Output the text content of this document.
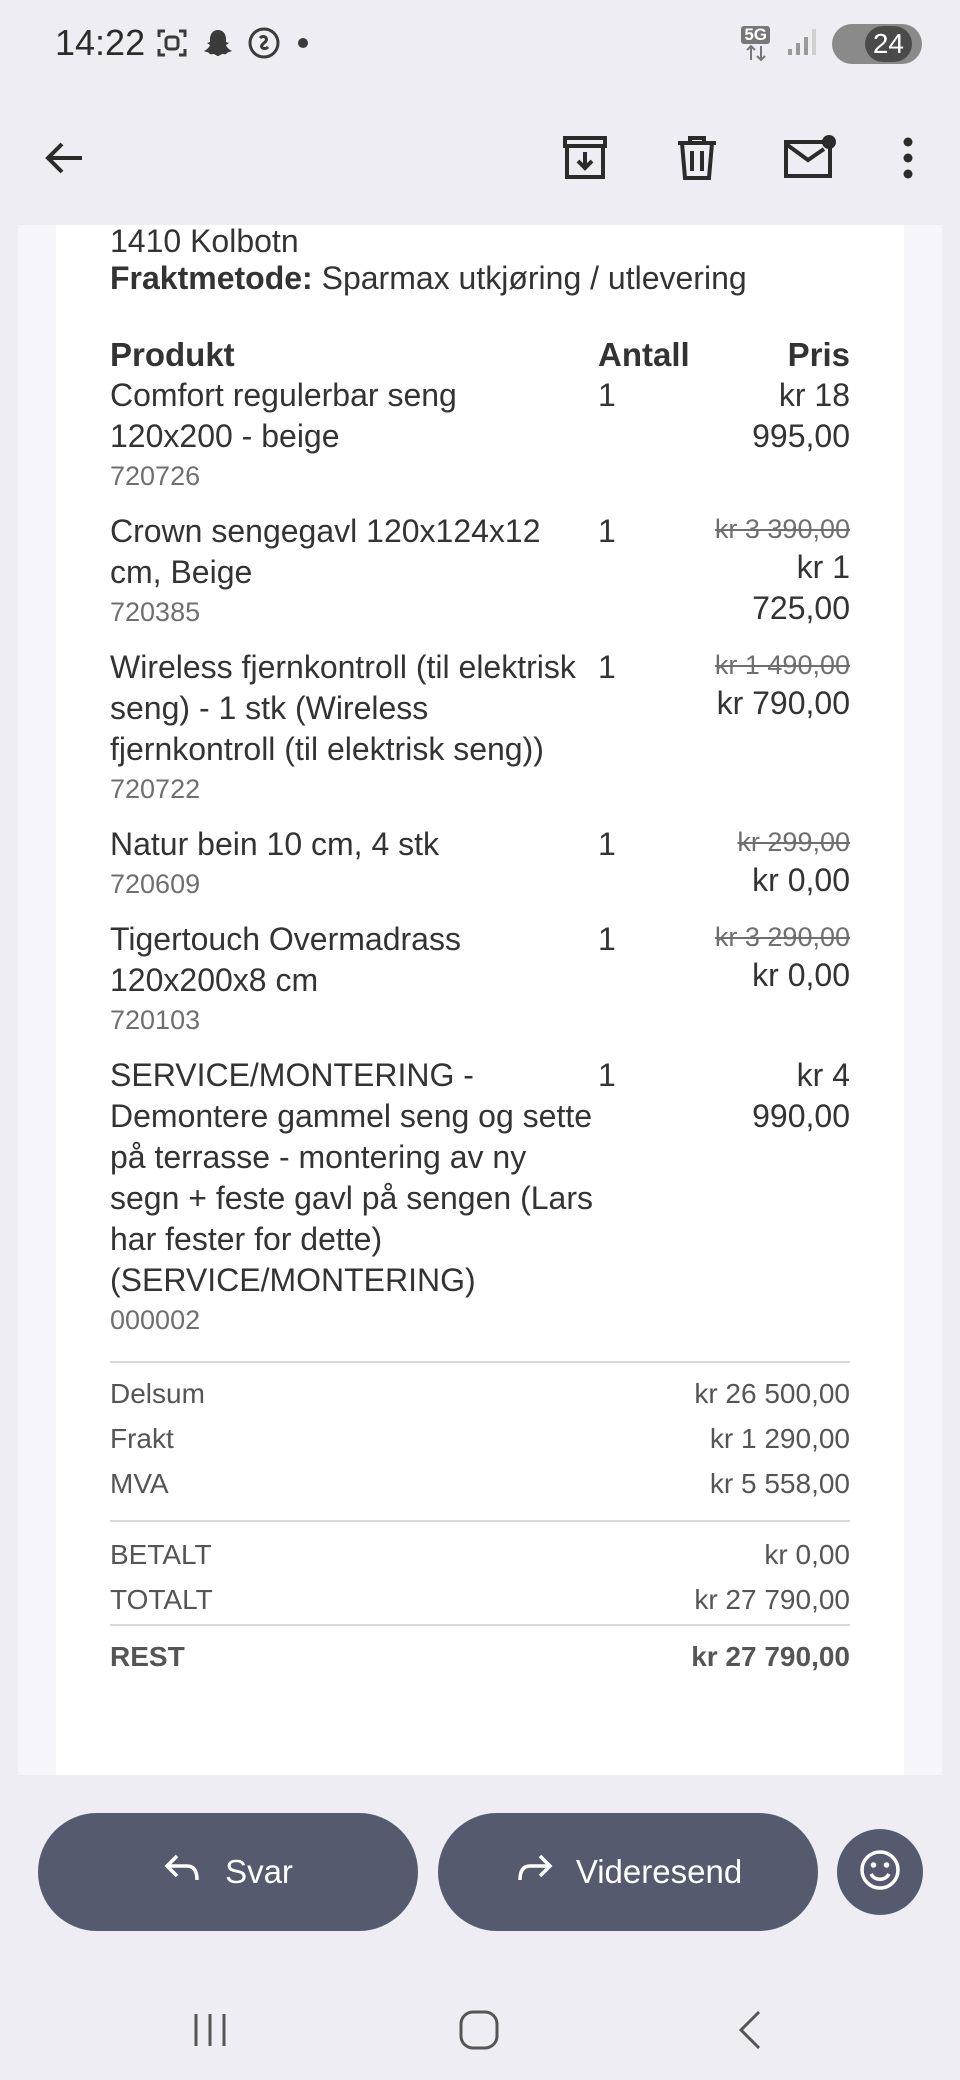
14:22	5G	24
1410 Kolbotn
Fraktmetode: Sparmax utkjøring / utlevering
Produkt	Antall	Pris

Comfort regulerbar seng 120x200 - beige
720726	1	kr 18 995,00

Crown sengegavl 120x124x12 cm, Beige
720385	1	kr 3 390,00
kr 1 725,00

Wireless fjernkontroll (til elektrisk seng) - 1 stk (Wireless fjernkontroll (til elektrisk seng))
720722	1	kr 1 490,00
kr 790,00

Natur bein 10 cm, 4 stk
720609	1	kr 299,00
kr 0,00

Tigertouch Overmadrass 120x200x8 cm
720103	1	kr 3 290,00
kr 0,00

SERVICE/MONTERING - Demontere gammel seng og sette på terrasse - montering av ny segn + feste gavl på sengen (Lars har fester for dette) (SERVICE/MONTERING)
000002	1	kr 4 990,00
Delsum	kr 26 500,00
Frakt	kr 1 290,00
MVA	kr 5 558,00
BETALT	kr 0,00
TOTALT	kr 27 790,00
REST	kr 27 790,00
Svar	Videresend
